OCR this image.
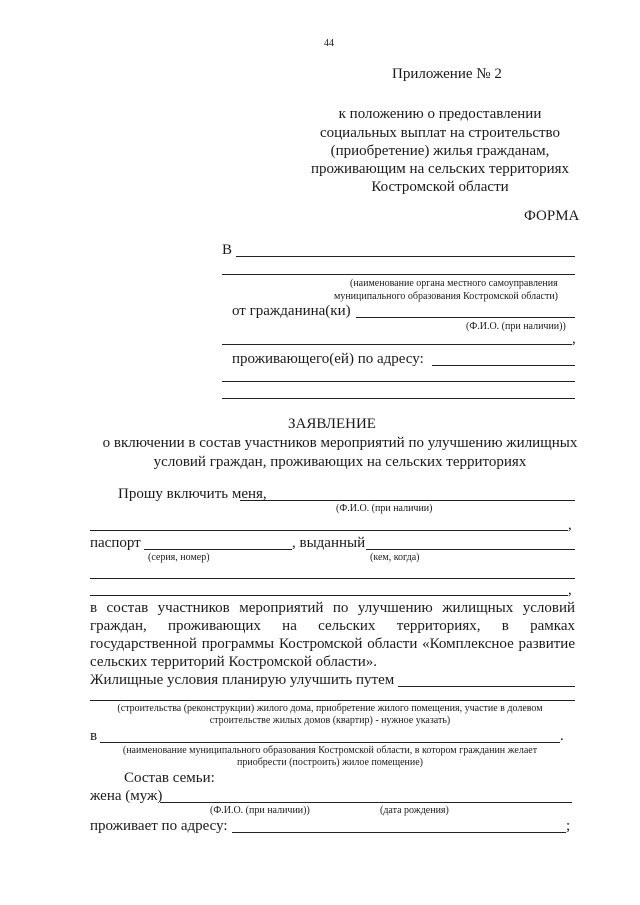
44
Приложение № 2
к положению о предоставлении
социальных выплат на строительство
(приобретение) жилья гражданам,
проживающим на сельских территориях
Костромской области
ФОРМА
В
(наименование органа местного самоуправления
муниципального образования Костромской области)
от гражданина(ки)
(Ф.И.О. (при наличии))
,
проживающего(ей) по адресу:
ЗАЯВЛЕНИЕ
о включении в состав участников мероприятий по улучшению жилищных
условий граждан, проживающих на сельских территориях
Прошу включить меня,
(Ф.И.О. (при наличии)
,
паспорт	, выданный
(серия, номер)	(кем, когда)
,
в состав участников мероприятий по улучшению жилищных условий
граждан, проживающих на сельских территориях, в рамках
государственной программы Костромской области «Комплексное развитие
сельских территорий Костромской области».
Жилищные условия планирую улучшить путем
(строительства (реконструкции) жилого дома, приобретение жилого помещения, участие в долевом
строительстве жилых домов (квартир) - нужное указать)
в	.
(наименование муниципального образования Костромской области, в котором гражданин желает
приобрести (построить) жилое помещение)
Состав семьи:
жена (муж)
(Ф.И.О. (при наличии))	(дата рождения)
проживает по адресу:	;
